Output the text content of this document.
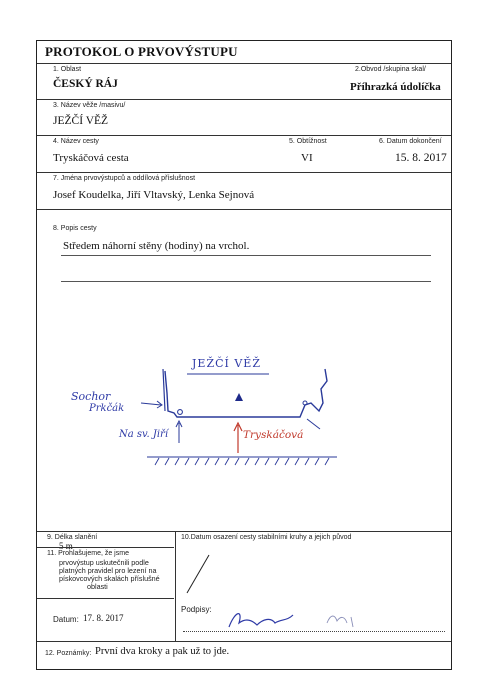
PROTOKOL O PRVOVÝSTUPU
1. Oblast	2.Obvod /skupina skal/
ČESKÝ RÁJ	Příhrazká údolíčka
3. Název věže /masivu/
JEŽČÍ VĚŽ
4. Název cesty	5. Obtížnost	6. Datum dokončení
Tryskáčová cesta	VI	15. 8. 2017
7. Jména prvovýstupců a oddílová příslušnost
Josef Koudelka, Jiří Vltavský, Lenka Sejnová
8. Popis cesty
Středem náhorní stěny (hodiny) na vrchol.
JEŽČÍ VĚŽ
Sochor
Prkčák
Na sv. Jiří	Tryskáčová
9. Délka slanění
5 m
10.Datum osazení cesty stabilními kruhy a jejich původ
11. Prohlašujeme, že jsme
prvovýstup uskutečnili podle
platných pravidel pro lezení na
pískovcových skalách příslušné
oblasti
Datum: 17. 8. 2017
Podpisy:
12. Poznámky: První dva kroky a pak už to jde.
